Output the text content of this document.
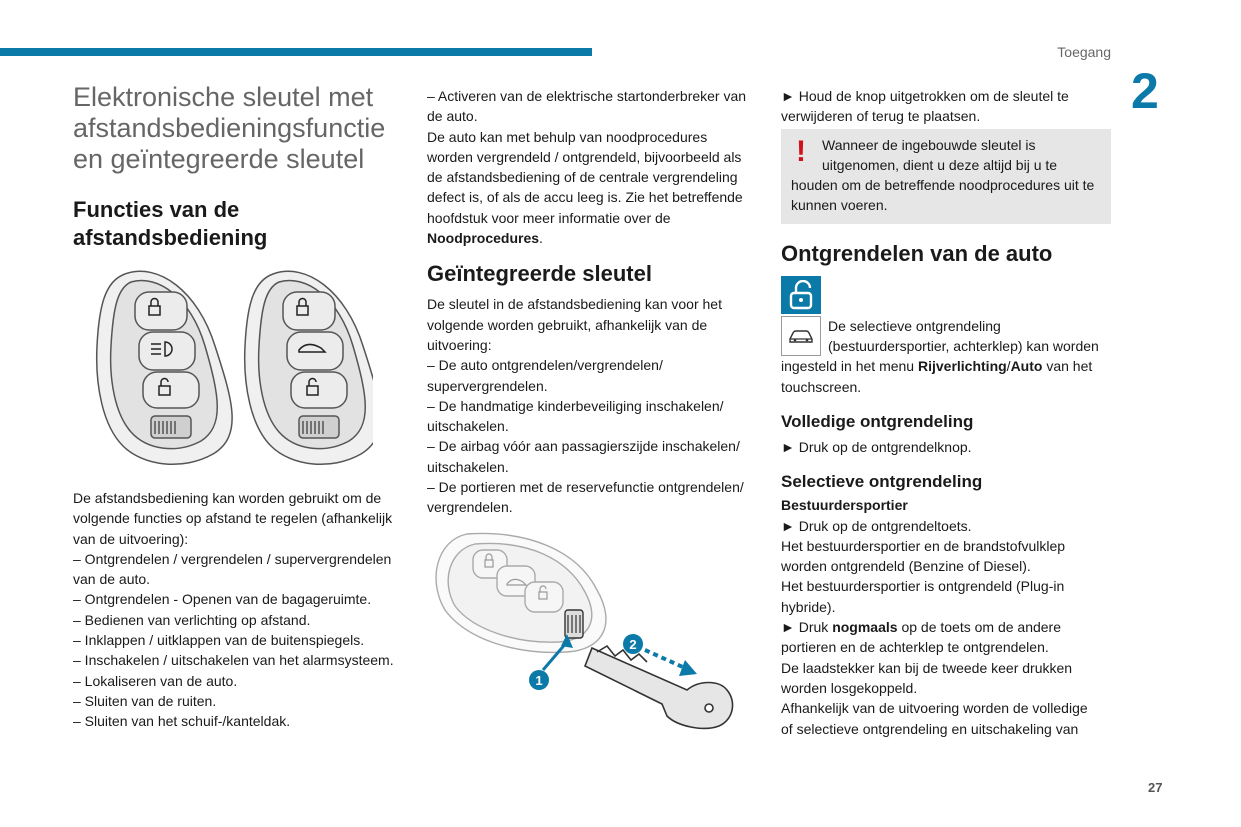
Toegang
2
27
Elektronische sleutel met
afstandsbedieningsfunctie
en geïntegreerde sleutel
Functies van de
afstandsbediening

De afstandsbediening kan worden gebruikt om de

volgende functies op afstand te regelen (afhankelijk

van de uitvoering):

– Ontgrendelen / vergrendelen / supervergrendelen

van de auto.

– Ontgrendelen - Openen van de bagageruimte.

– Bedienen van verlichting op afstand.

– Inklappen / uitklappen van de buitenspiegels.

– Inschakelen / uitschakelen van het alarmsysteem.

– Lokaliseren van de auto.

– Sluiten van de ruiten.

– Sluiten van het schuif-/kanteldak.

– Activeren van de elektrische startonderbreker van

de auto.

De auto kan met behulp van noodprocedures

worden vergrendeld / ontgrendeld, bijvoorbeeld als

de afstandsbediening of de centrale vergrendeling

defect is, of als de accu leeg is. Zie het betreffende

hoofdstuk voor meer informatie over de

Noodprocedures.

Geïntegreerde sleutel

De sleutel in de afstandsbediening kan voor het

volgende worden gebruikt, afhankelijk van de

uitvoering:

– De auto ontgrendelen/vergrendelen/

supervergrendelen.

– De handmatige kinderbeveiliging inschakelen/

uitschakelen.

– De airbag vóór aan passagierszijde inschakelen/

uitschakelen.

– De portieren met de reservefunctie ontgrendelen/

vergrendelen.

1
2

► Houd de knop uitgetrokken om de sleutel te

verwijderen of terug te plaatsen.

!	Wanneer de ingebouwde sleutel is

uitgenomen, dient u deze altijd bij u te

houden om de betreffende noodprocedures uit te

kunnen voeren.

Ontgrendelen van de auto

De selectieve ontgrendeling

(bestuurdersportier, achterklep) kan worden

ingesteld in het menu Rijverlichting/Auto van het

touchscreen.

Volledige ontgrendeling

► Druk op de ontgrendelknop.

Selectieve ontgrendeling

Bestuurdersportier

► Druk op de ontgrendeltoets.

Het bestuurdersportier en de brandstofvulklep

worden ontgrendeld (Benzine of Diesel).

Het bestuurdersportier is ontgrendeld (Plug-in

hybride).

► Druk nogmaals op de toets om de andere

portieren en de achterklep te ontgrendelen.

De laadstekker kan bij de tweede keer drukken

worden losgekoppeld.

Afhankelijk van de uitvoering worden de volledige

of selectieve ontgrendeling en uitschakeling van
